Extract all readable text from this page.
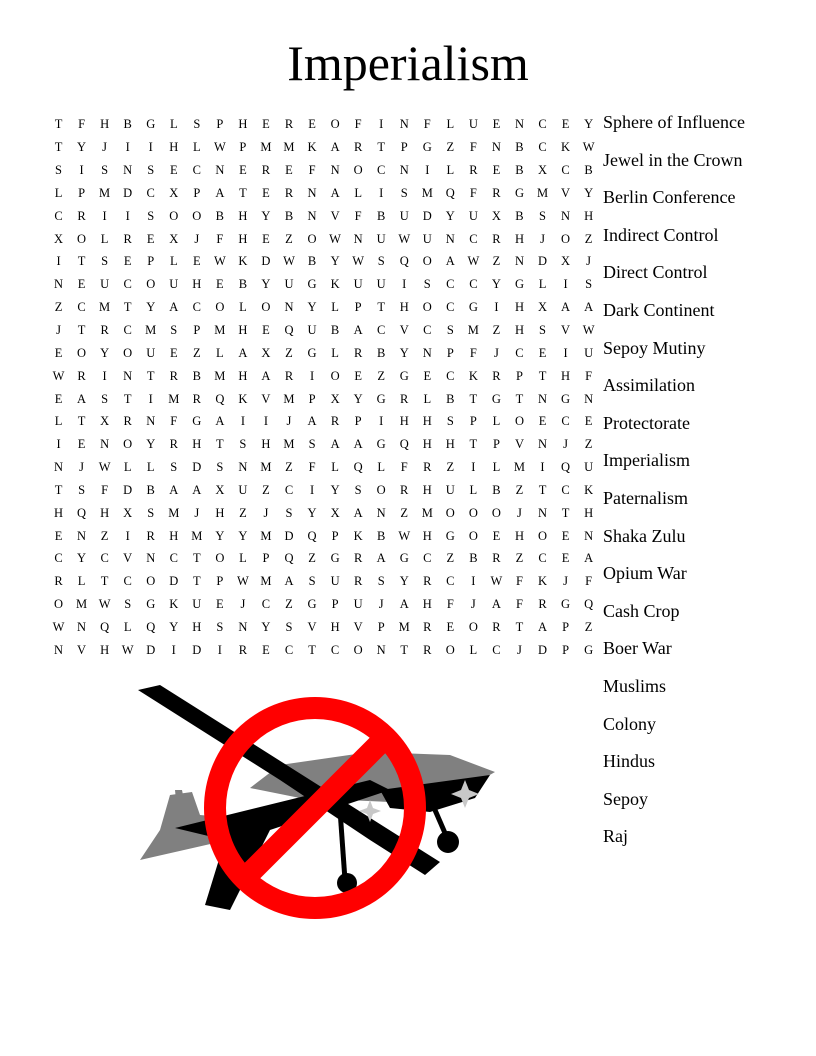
Imperialism
T	F	H	B	G	L	S	P	H	E	R	E	O	F	I	N	F	L	U	E	N	C	E	Y
T	Y	J	I	I	H	L	W	P	M M	K	A	R	T	P	G	Z	F	N	B	C	K	W
S	I	S	N	S	E	C	N	E	R	E	F	N	O	C	N	I	L	R	E	B	X	C	B
L	P	M	D	C	X	P	A	T	E	R	N	A	L	I	S	M	Q	F	R	G	M	V	Y
C	R	I	I	S	O	O	B	H	Y	B	N	V	F	B	U	D	Y	U	X	B	S	N	H
X	O	L	R	E	X	J	F	H	E	Z	O	W	N	U	W	U	N	C	R	H	J	O	Z
I	T	S	E	P	L	E	W	K	D	W	B	Y	W	S	Q	O	A	W	Z	N	D	X	J
N	E	U	C	O	U	H	E	B	Y	U	G	K	U	U	I	S	C	C	Y	G	L	I	S
Z	C	M	T	Y	A	C	O	L	O	N	Y	L	P	T	H	O	C	G	I	H	X	A	A
J	T	R	C	M	S	P	M	H	E	Q	U	B	A	C	V	C	S	M	Z	H	S	V	W
E	O	Y	O	U	E	Z	L	A	X	Z	G	L	R	B	Y	N	P	F	J	C	E	I	U
W	R	I	N	T	R	B	M	H	A	R	I	O	E	Z	G	E	C	K	R	P	T	H	F
E	A	S	T	I	M	R	Q	K	V	M	P	X	Y	G	R	L	B	T	G	T	N	G	N
L	T	X	R	N	F	G	A	I	I	J	A	R	P	I	H	H	S	P	L	O	E	C	E
I	E	N	O	Y	R	H	T	S	H	M	S	A	A	G	Q	H	H	T	P	V	N	J	Z
N	J	W	L	L	S	D	S	N	M	Z	F	L	Q	L	F	R	Z	I	L	M	I	Q	U
T	S	F	D	B	A	A	X	U	Z	C	I	Y	S	O	R	H	U	L	B	Z	T	C	K
H	Q	H	X	S	M	J	H	Z	J	S	Y	X	A	N	Z	M	O	O	O	J	N	T	H
E	N	Z	I	R	H	M	Y	Y	M	D	Q	P	K	B	W	H	G	O	E	H	O	E	N
C	Y	C	V	N	C	T	O	L	P	Q	Z	G	R	A	G	C	Z	B	R	Z	C	E	A
R	L	T	C	O	D	T	P	W M	A	S	U	R	S	Y	R	C	I	W	F	K	J	F
O	M W	S	G	K	U	E	J	C	Z	G	P	U	J	A	H	F	J	A	F	R	G	Q
W	N	Q	L	Q	Y	H	S	N	Y	S	V	H	V	P	M	R	E	O	R	T	A	P	Z
N	V	H	W	D	I	D	I	R	E	C	T	C	O	N	T	R	O	L	C	J	D	P	G
Sphere of Influence
Jewel in the Crown
Berlin Conference
Indirect Control
Direct Control
Dark Continent
Sepoy Mutiny
Assimilation
Protectorate
Imperialism
Paternalism
Shaka Zulu
Opium War
Cash Crop
Boer War
Muslims
Colony
Hindus
Sepoy
Raj
